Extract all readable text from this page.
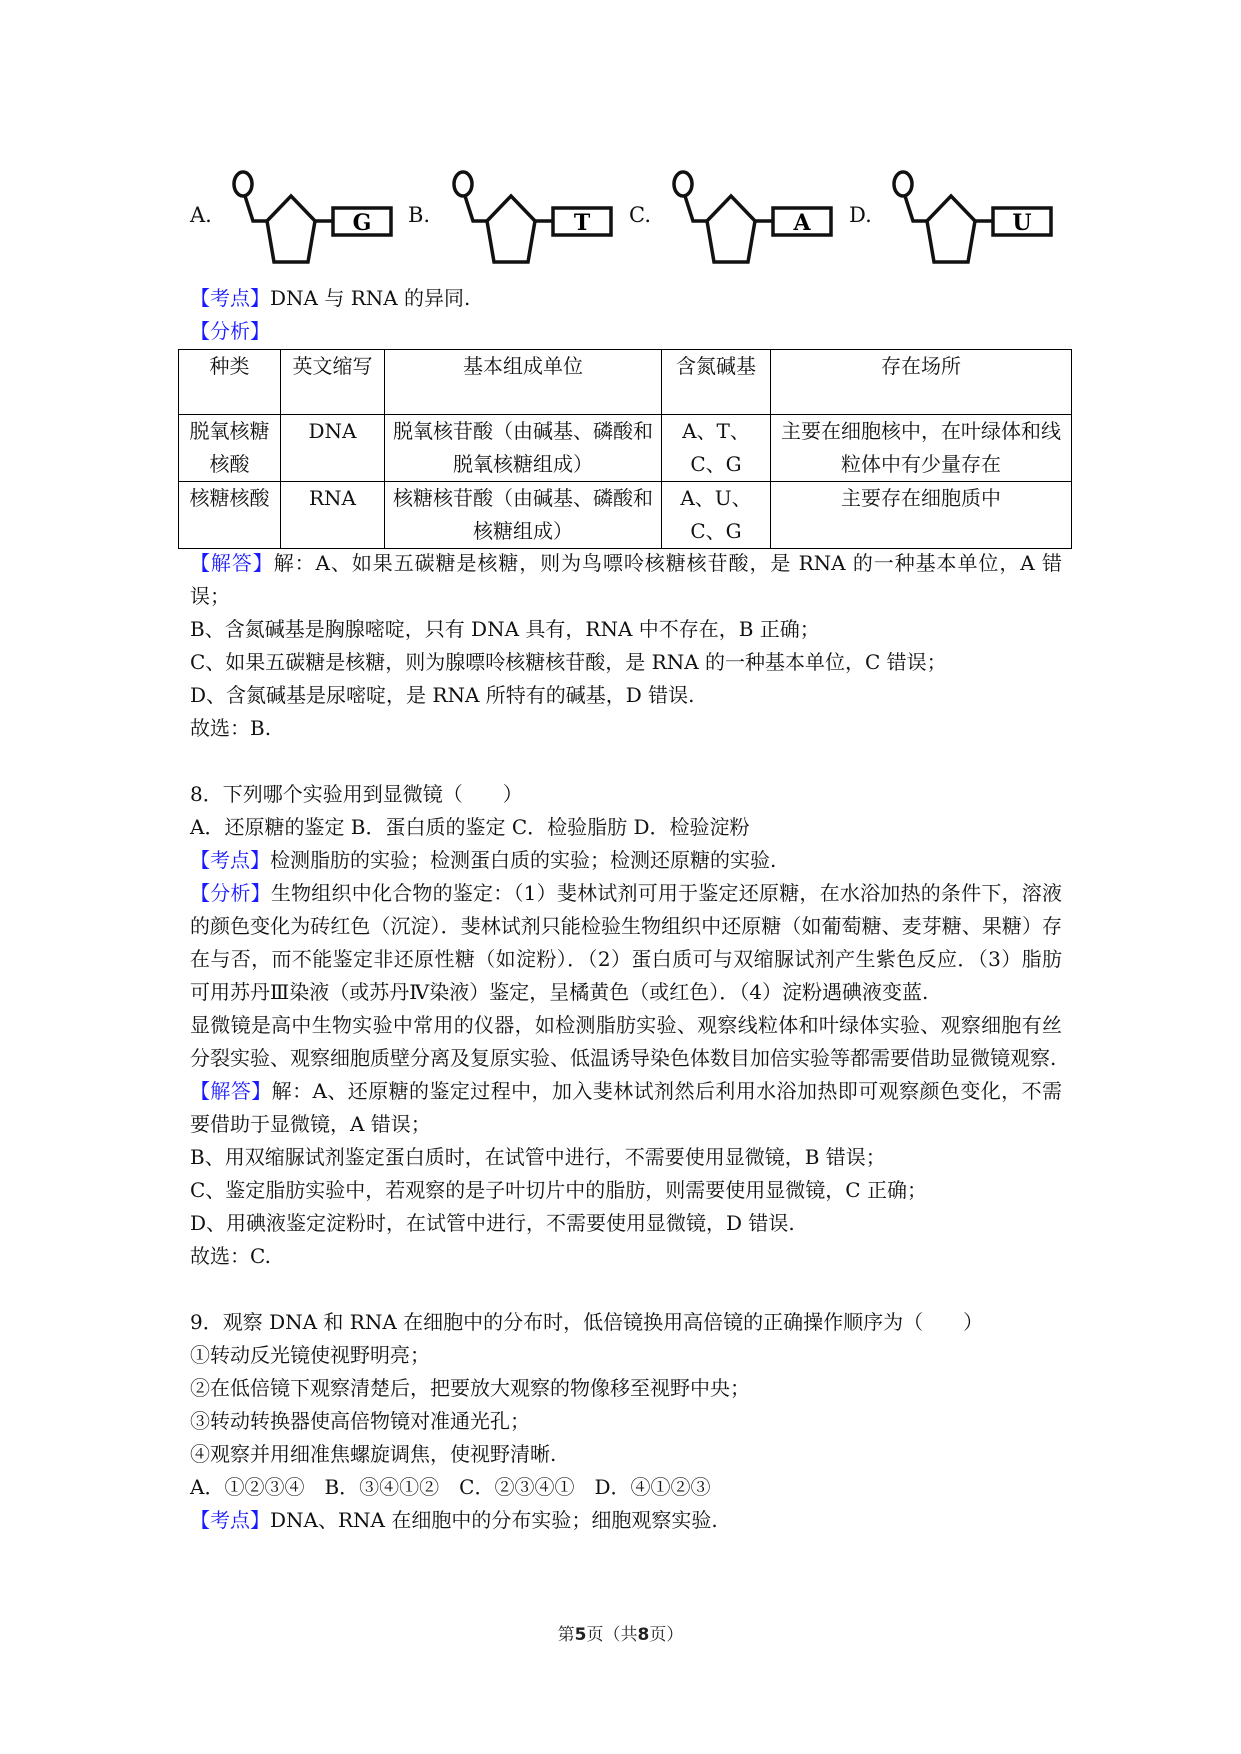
A.	G B.	T C.	A D.	U
种类	英文缩写	基本组成单位	含氮碱基	存在场所
脱氧核糖核酸	DNA	脱氧核苷酸（由碱基、磷酸和脱氧核糖组成）	A、T、C、G	主要在细胞核中，在叶绿体和线粒体中有少量存在
核糖核酸	RNA	核糖核苷酸（由碱基、磷酸和核糖组成）	A、U、C、G	主要存在细胞质中

【考点】DNA 与 RNA 的异同.

【分析】

【解答】解：A、如果五碳糖是核糖，则为鸟嘌呤核糖核苷酸，是 RNA 的一种基本单位，A 错误；

B、含氮碱基是胸腺嘧啶，只有 DNA 具有，RNA 中不存在，B 正确；

C、如果五碳糖是核糖，则为腺嘌呤核糖核苷酸，是 RNA 的一种基本单位，C 错误；

D、含氮碱基是尿嘧啶，是 RNA 所特有的碱基，D 错误.

故选：B.

8．下列哪个实验用到显微镜（　　）

A．还原糖的鉴定 B．蛋白质的鉴定 C．检验脂肪 D．检验淀粉

【考点】检测脂肪的实验；检测蛋白质的实验；检测还原糖的实验.

【分析】生物组织中化合物的鉴定：（1）斐林试剂可用于鉴定还原糖，在水浴加热的条件下，溶液的颜色变化为砖红色（沉淀）．斐林试剂只能检验生物组织中还原糖（如葡萄糖、麦芽糖、果糖）存在与否，而不能鉴定非还原性糖（如淀粉）．（2）蛋白质可与双缩脲试剂产生紫色反应．（3）脂肪可用苏丹Ⅲ染液（或苏丹Ⅳ染液）鉴定，呈橘黄色（或红色）．（4）淀粉遇碘液变蓝.

显微镜是高中生物实验中常用的仪器，如检测脂肪实验、观察线粒体和叶绿体实验、观察细胞有丝分裂实验、观察细胞质壁分离及复原实验、低温诱导染色体数目加倍实验等都需要借助显微镜观察.

【解答】解：A、还原糖的鉴定过程中，加入斐林试剂然后利用水浴加热即可观察颜色变化，不需要借助于显微镜，A 错误；

B、用双缩脲试剂鉴定蛋白质时，在试管中进行，不需要使用显微镜，B 错误；

C、鉴定脂肪实验中，若观察的是子叶切片中的脂肪，则需要使用显微镜，C 正确；

D、用碘液鉴定淀粉时，在试管中进行，不需要使用显微镜，D 错误.

故选：C.

9．观察 DNA 和 RNA 在细胞中的分布时，低倍镜换用高倍镜的正确操作顺序为（　　）

①转动反光镜使视野明亮；

②在低倍镜下观察清楚后，把要放大观察的物像移至视野中央；

③转动转换器使高倍物镜对准通光孔；

④观察并用细准焦螺旋调焦，使视野清晰.

A．①②③④　B．③④①②　C．②③④①　D．④①②③

【考点】DNA、RNA 在细胞中的分布实验；细胞观察实验.

第5页（共8页）
